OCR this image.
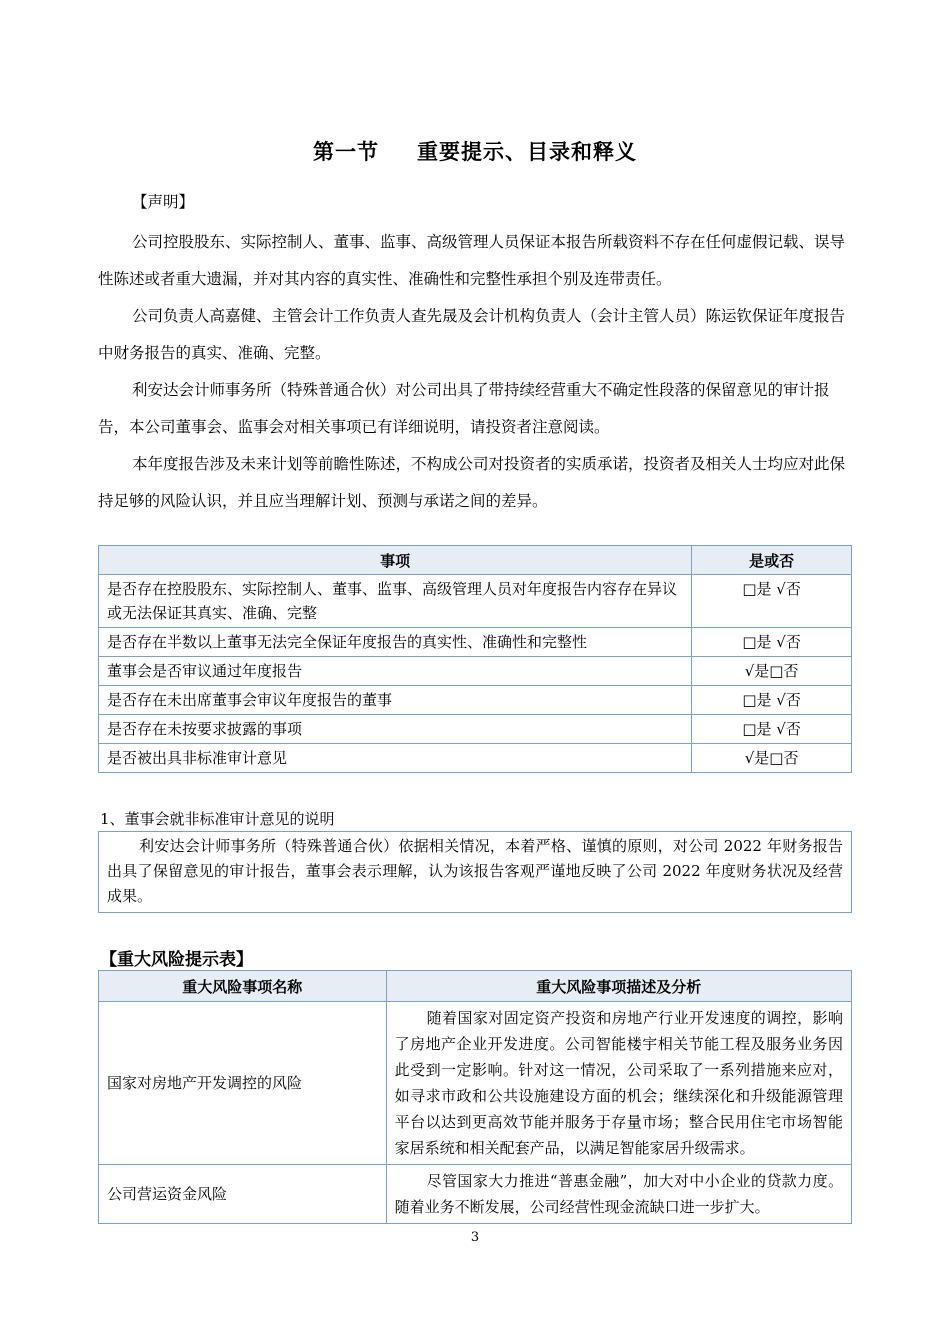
第一节 重要提示、目录和释义
【声明】

公司控股股东、实际控制人、董事、监事、高级管理人员保证本报告所载资料不存在任何虚假记载、误导性陈述或者重大遗漏，并对其内容的真实性、准确性和完整性承担个别及连带责任。

公司负责人高嘉健、主管会计工作负责人查先晟及会计机构负责人（会计主管人员）陈运钦保证年度报告中财务报告的真实、准确、完整。

利安达会计师事务所（特殊普通合伙）对公司出具了带持续经营重大不确定性段落的保留意见的审计报告，本公司董事会、监事会对相关事项已有详细说明，请投资者注意阅读。

本年度报告涉及未来计划等前瞻性陈述，不构成公司对投资者的实质承诺，投资者及相关人士均应对此保持足够的风险认识，并且应当理解计划、预测与承诺之间的差异。

事项	是或否
是否存在控股股东、实际控制人、董事、监事、高级管理人员对年度报告内容存在异议或无法保证其真实、准确、完整	□是 √否
是否存在半数以上董事无法完全保证年度报告的真实性、准确性和完整性	□是 √否
董事会是否审议通过年度报告	√是□否
是否存在未出席董事会审议年度报告的董事	□是 √否
是否存在未按要求披露的事项	□是 √否
是否被出具非标准审计意见	√是□否
1、董事会就非标准审计意见的说明
利安达会计师事务所（特殊普通合伙）依据相关情况，本着严格、谨慎的原则，对公司 2022 年财务报告出具了保留意见的审计报告，董事会表示理解，认为该报告客观严谨地反映了公司 2022 年度财务状况及经营成果。
【重大风险提示表】
重大风险事项名称	重大风险事项描述及分析
国家对房地产开发调控的风险	随着国家对固定资产投资和房地产行业开发速度的调控，影响了房地产企业开发进度。公司智能楼宇相关节能工程及服务业务因此受到一定影响。针对这一情况，公司采取了一系列措施来应对，如寻求市政和公共设施建设方面的机会；继续深化和升级能源管理平台以达到更高效节能并服务于存量市场；整合民用住宅市场智能家居系统和相关配套产品，以满足智能家居升级需求。
公司营运资金风险	尽管国家大力推进“普惠金融”，加大对中小企业的贷款力度。随着业务不断发展，公司经营性现金流缺口进一步扩大。
3
